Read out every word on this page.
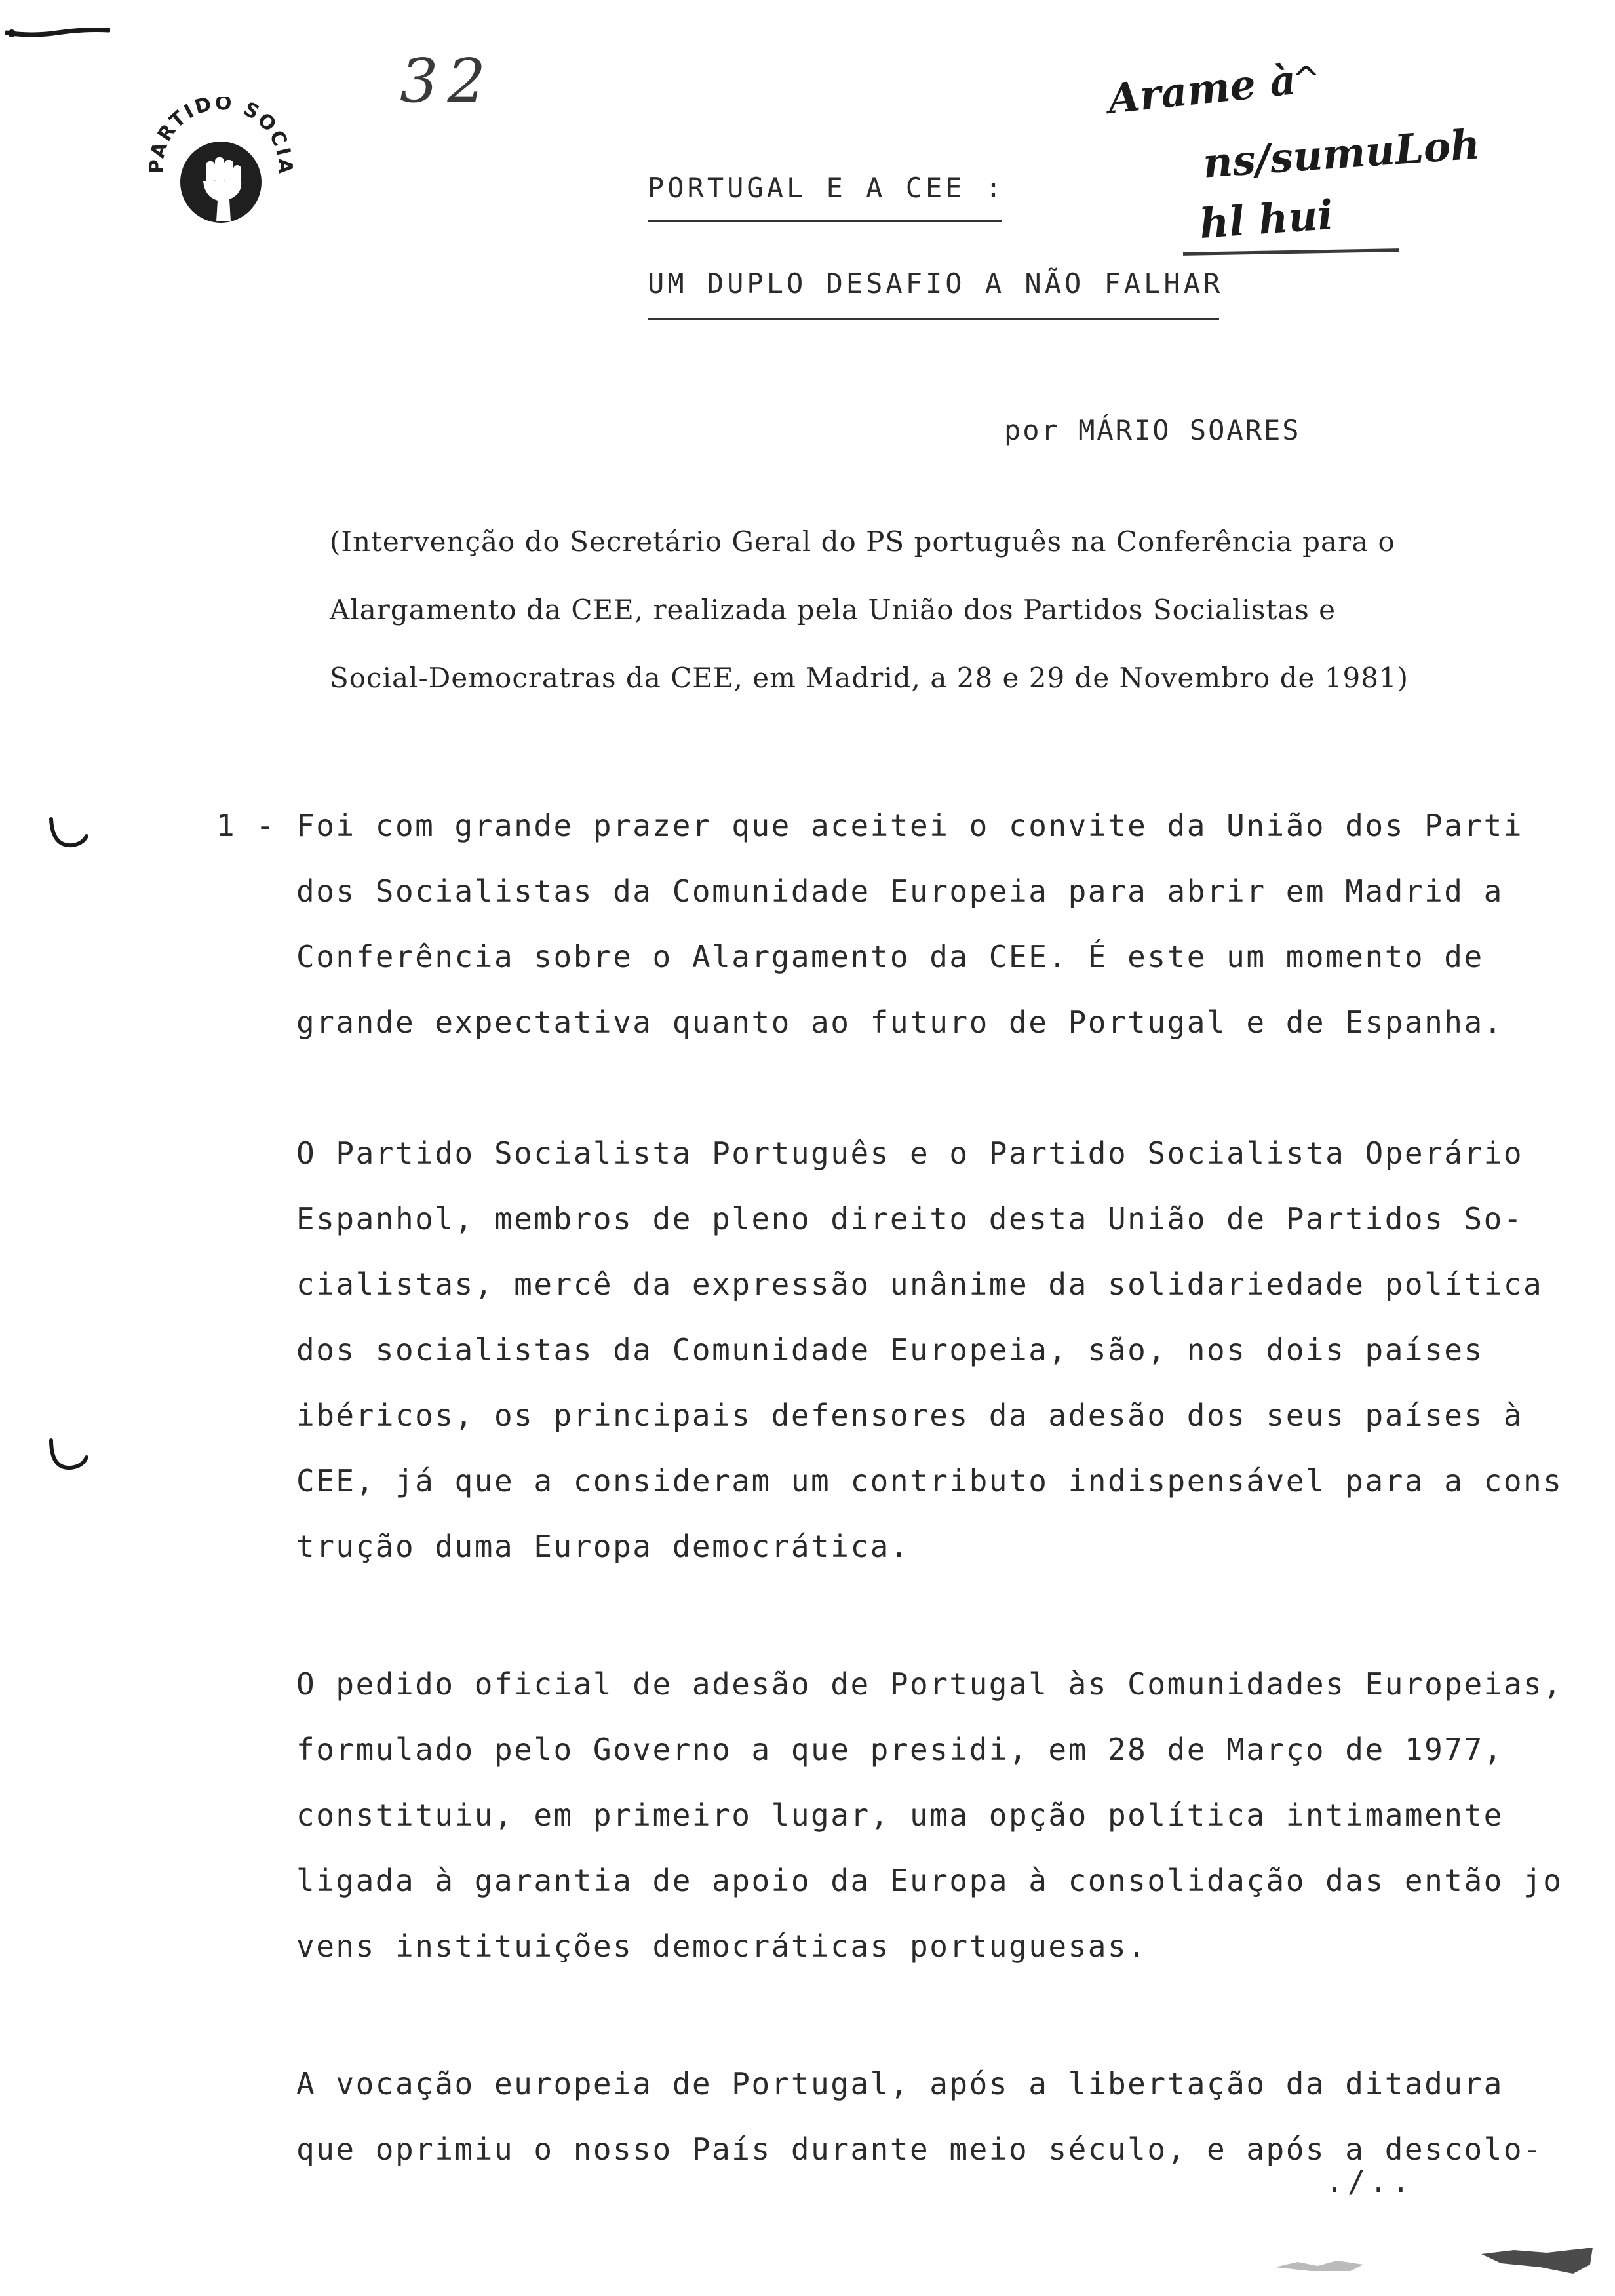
32
PARTIDO SOCIA
^
Arame à
ns/sumuLoh
hl hui
PORTUGAL E A CEE :
UM DUPLO DESAFIO A NÃO FALHAR
por MÁRIO SOARES
(Intervenção do Secretário Geral do PS português na Conferência para o
Alargamento da CEE, realizada pela União dos Partidos Socialistas e
Social-Democratras da CEE, em Madrid, a 28 e 29 de Novembro de 1981)
1 - Foi com grande prazer que aceitei o convite da União dos Parti
dos Socialistas da Comunidade Europeia para abrir em Madrid a
Conferência sobre o Alargamento da CEE. É este um momento de
grande expectativa quanto ao futuro de Portugal e de Espanha.
O Partido Socialista Português e o Partido Socialista Operário
Espanhol, membros de pleno direito desta União de Partidos So-
cialistas, mercê da expressão unânime da solidariedade política
dos socialistas da Comunidade Europeia, são, nos dois países
ibéricos, os principais defensores da adesão dos seus países à
CEE, já que a consideram um contributo indispensável para a cons
trução duma Europa democrática.
O pedido oficial de adesão de Portugal às Comunidades Europeias,
formulado pelo Governo a que presidi, em 28 de Março de 1977,
constituiu, em primeiro lugar, uma opção política intimamente
ligada à garantia de apoio da Europa à consolidação das então jo
vens instituições democráticas portuguesas.
A vocação europeia de Portugal, após a libertação da ditadura
que oprimiu o nosso País durante meio século, e após a descolo-
./..
